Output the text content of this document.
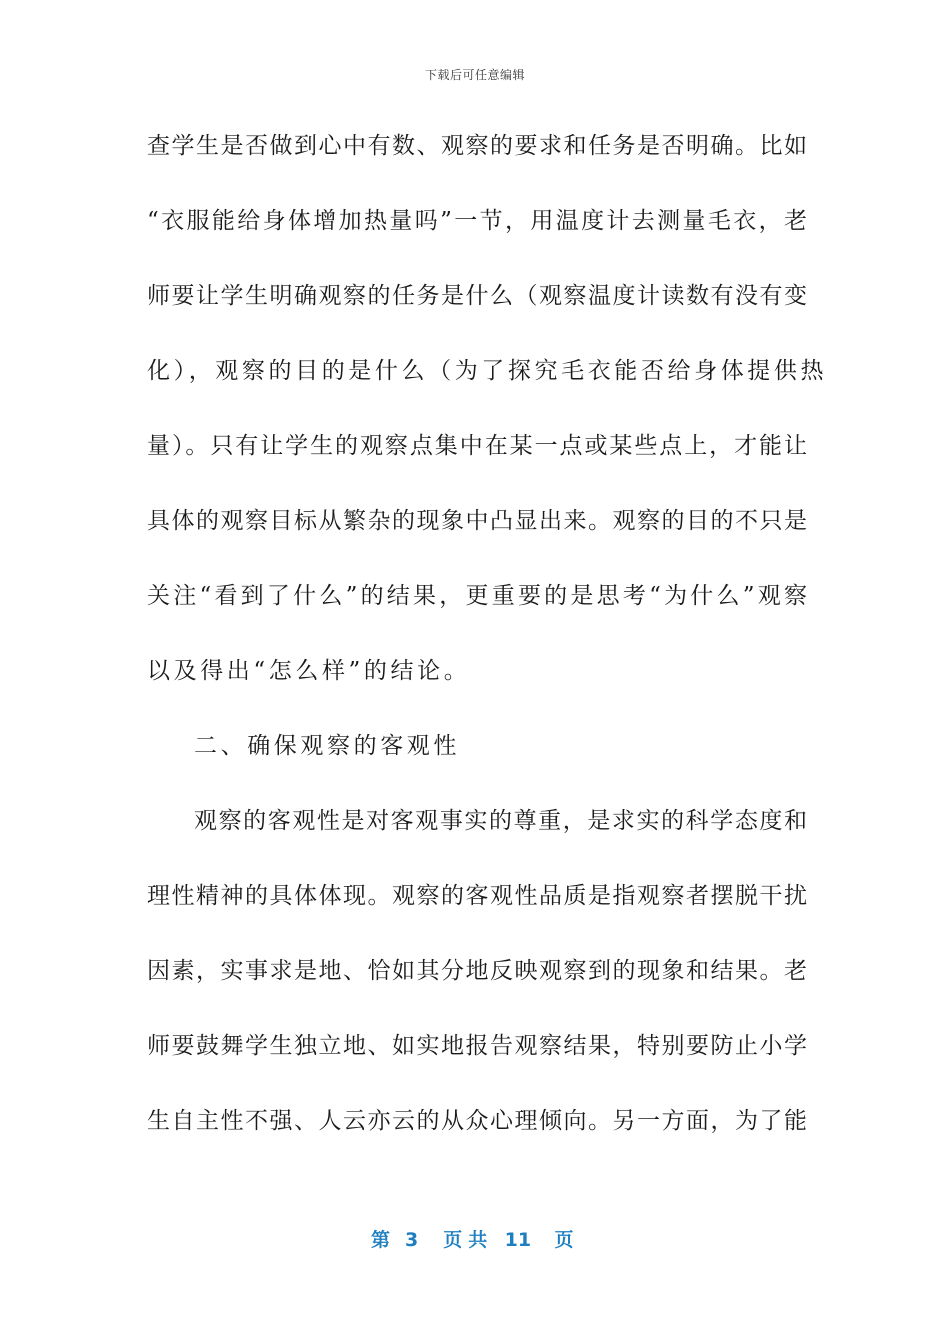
下载后可任意编辑
查学生是否做到心中有数、观察的要求和任务是否明确。比如
“衣服能给身体增加热量吗”一节，用温度计去测量毛衣，老
师要让学生明确观察的任务是什么（观察温度计读数有没有变
化），观察的目的是什么（为了探究毛衣能否给身体提供热
量）。只有让学生的观察点集中在某一点或某些点上，才能让
具体的观察目标从繁杂的现象中凸显出来。观察的目的不只是
关注“看到了什么”的结果，更重要的是思考“为什么”观察
以及得出“怎么样”的结论。
二、确保观察的客观性
观察的客观性是对客观事实的尊重，是求实的科学态度和
理性精神的具体体现。观察的客观性品质是指观察者摆脱干扰
因素，实事求是地、恰如其分地反映观察到的现象和结果。老
师要鼓舞学生独立地、如实地报告观察结果，特别要防止小学
生自主性不强、人云亦云的从众心理倾向。另一方面，为了能
第 3 页共 11 页
